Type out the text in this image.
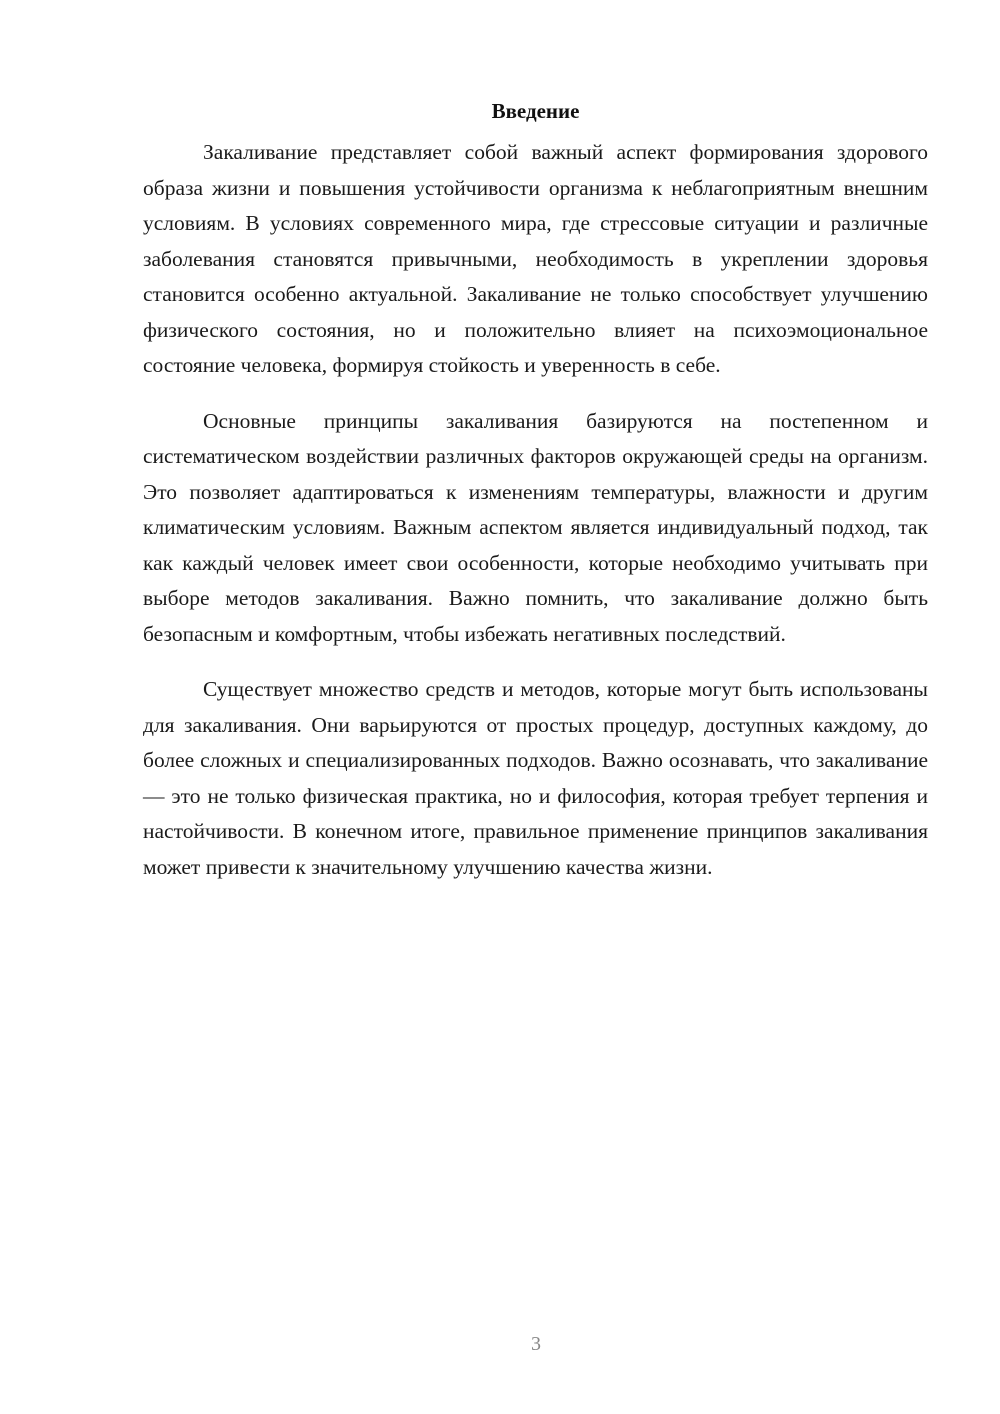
Введение

Закаливание представляет собой важный аспект формирования здорового образа жизни и повышения устойчивости организма к неблагоприятным внешним условиям. В условиях современного мира, где стрессовые ситуации и различные заболевания становятся привычными, необходимость в укреплении здоровья становится особенно актуальной. Закаливание не только способствует улучшению физического состояния, но и положительно влияет на психоэмоциональное состояние человека, формируя стойкость и уверенность в себе.

Основные принципы закаливания базируются на постепенном и систематическом воздействии различных факторов окружающей среды на организм. Это позволяет адаптироваться к изменениям температуры, влажности и другим климатическим условиям. Важным аспектом является индивидуальный подход, так как каждый человек имеет свои особенности, которые необходимо учитывать при выборе методов закаливания. Важно помнить, что закаливание должно быть безопасным и комфортным, чтобы избежать негативных последствий.

Существует множество средств и методов, которые могут быть использованы для закаливания. Они варьируются от простых процедур, доступных каждому, до более сложных и специализированных подходов. Важно осознавать, что закаливание — это не только физическая практика, но и философия, которая требует терпения и настойчивости. В конечном итоге, правильное применение принципов закаливания может привести к значительному улучшению качества жизни.

3
